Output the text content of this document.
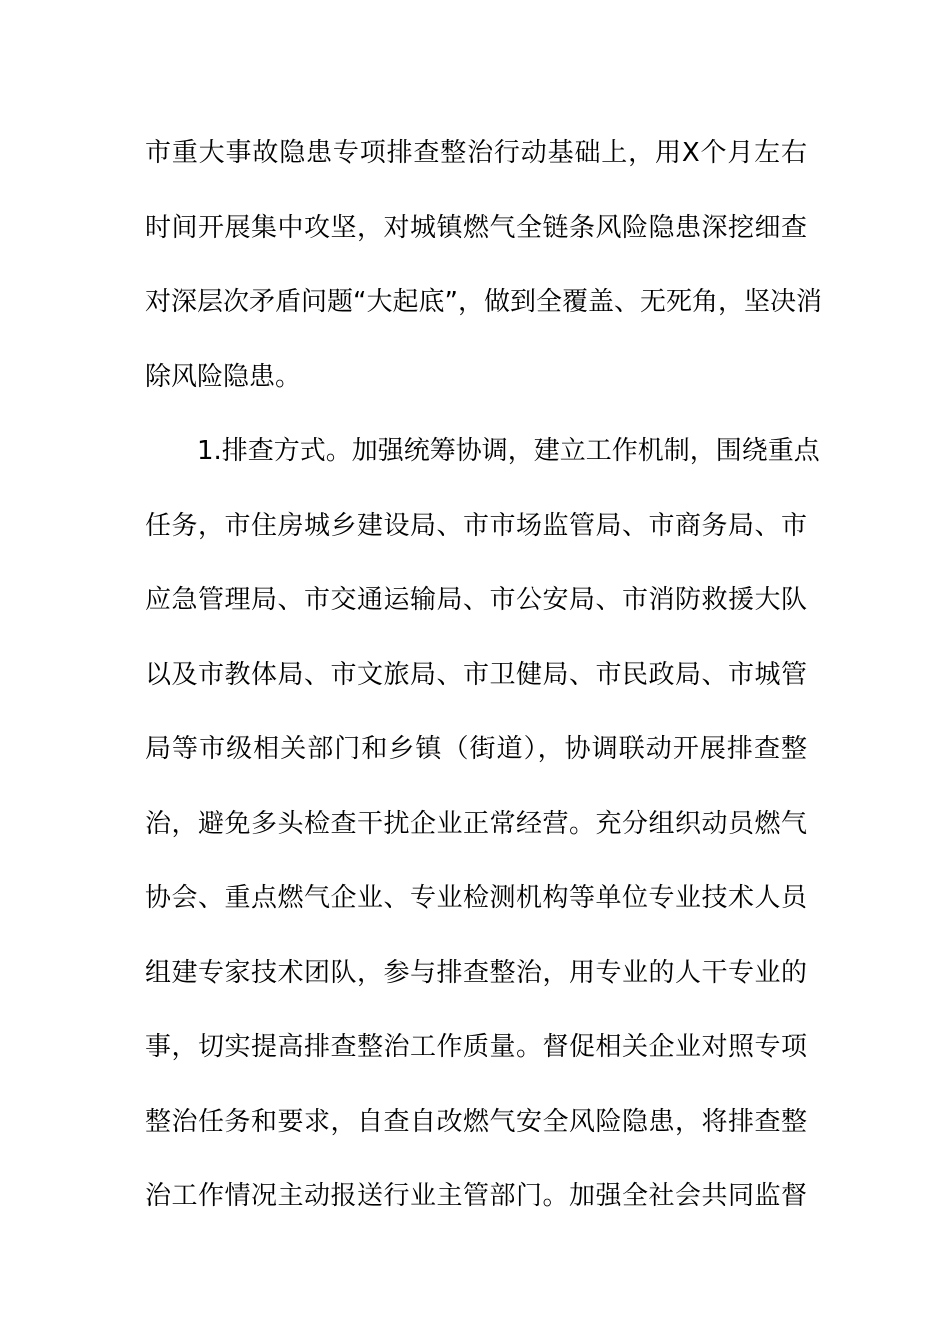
市重大事故隐患专项排查整治行动基础上，用X个月左右
时间开展集中攻坚，对城镇燃气全链条风险隐患深挖细查
对深层次矛盾问题“大起底”，做到全覆盖、无死角，坚决消
除风险隐患。
1.排查方式。加强统筹协调，建立工作机制，围绕重点
任务，市住房城乡建设局、市市场监管局、市商务局、市
应急管理局、市交通运输局、市公安局、市消防救援大队
以及市教体局、市文旅局、市卫健局、市民政局、市城管
局等市级相关部门和乡镇（街道），协调联动开展排查整
治，避免多头检查干扰企业正常经营。充分组织动员燃气
协会、重点燃气企业、专业检测机构等单位专业技术人员
组建专家技术团队，参与排查整治，用专业的人干专业的
事，切实提高排查整治工作质量。督促相关企业对照专项
整治任务和要求，自查自改燃气安全风险隐患，将排查整
治工作情况主动报送行业主管部门。加强全社会共同监督
